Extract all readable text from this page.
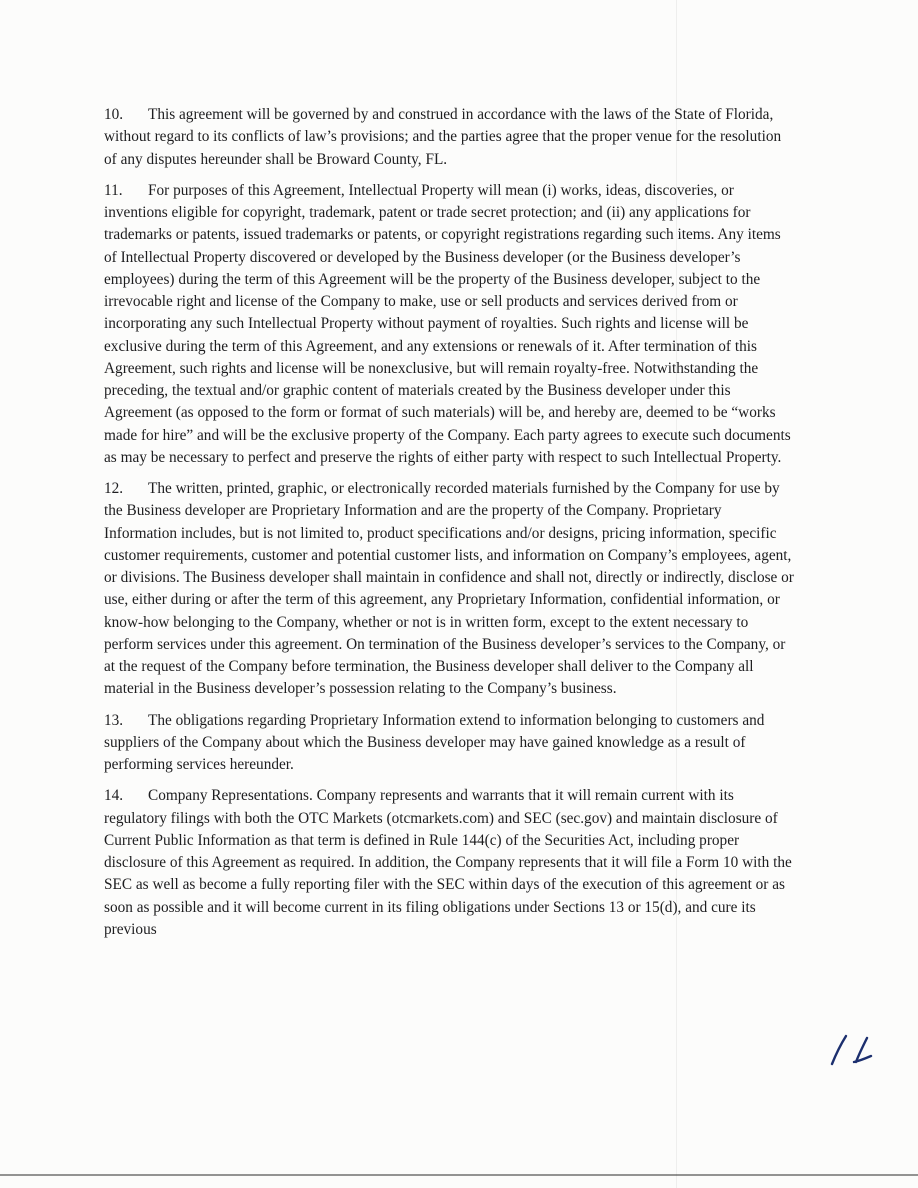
10. This agreement will be governed by and construed in accordance with the laws of the State of Florida, without regard to its conflicts of law’s provisions; and the parties agree that the proper venue for the resolution of any disputes hereunder shall be Broward County, FL.

11. For purposes of this Agreement, Intellectual Property will mean (i) works, ideas, discoveries, or inventions eligible for copyright, trademark, patent or trade secret protection; and (ii) any applications for trademarks or patents, issued trademarks or patents, or copyright registrations regarding such items. Any items of Intellectual Property discovered or developed by the Business developer (or the Business developer’s employees) during the term of this Agreement will be the property of the Business developer, subject to the irrevocable right and license of the Company to make, use or sell products and services derived from or incorporating any such Intellectual Property without payment of royalties. Such rights and license will be exclusive during the term of this Agreement, and any extensions or renewals of it. After termination of this Agreement, such rights and license will be nonexclusive, but will remain royalty-free. Notwithstanding the preceding, the textual and/or graphic content of materials created by the Business developer under this Agreement (as opposed to the form or format of such materials) will be, and hereby are, deemed to be “works made for hire” and will be the exclusive property of the Company. Each party agrees to execute such documents as may be necessary to perfect and preserve the rights of either party with respect to such Intellectual Property.

12. The written, printed, graphic, or electronically recorded materials furnished by the Company for use by the Business developer are Proprietary Information and are the property of the Company. Proprietary Information includes, but is not limited to, product specifications and/or designs, pricing information, specific customer requirements, customer and potential customer lists, and information on Company’s employees, agent, or divisions. The Business developer shall maintain in confidence and shall not, directly or indirectly, disclose or use, either during or after the term of this agreement, any Proprietary Information, confidential information, or know-how belonging to the Company, whether or not is in written form, except to the extent necessary to perform services under this agreement. On termination of the Business developer’s services to the Company, or at the request of the Company before termination, the Business developer shall deliver to the Company all material in the Business developer’s possession relating to the Company’s business.

13. The obligations regarding Proprietary Information extend to information belonging to customers and suppliers of the Company about which the Business developer may have gained knowledge as a result of performing services hereunder.

14. Company Representations. Company represents and warrants that it will remain current with its regulatory filings with both the OTC Markets (otcmarkets.com) and SEC (sec.gov) and maintain disclosure of Current Public Information as that term is defined in Rule 144(c) of the Securities Act, including proper disclosure of this Agreement as required. In addition, the Company represents that it will file a Form 10 with the SEC as well as become a fully reporting filer with the SEC within days of the execution of this agreement or as soon as possible and it will become current in its filing obligations under Sections 13 or 15(d), and cure its previous
